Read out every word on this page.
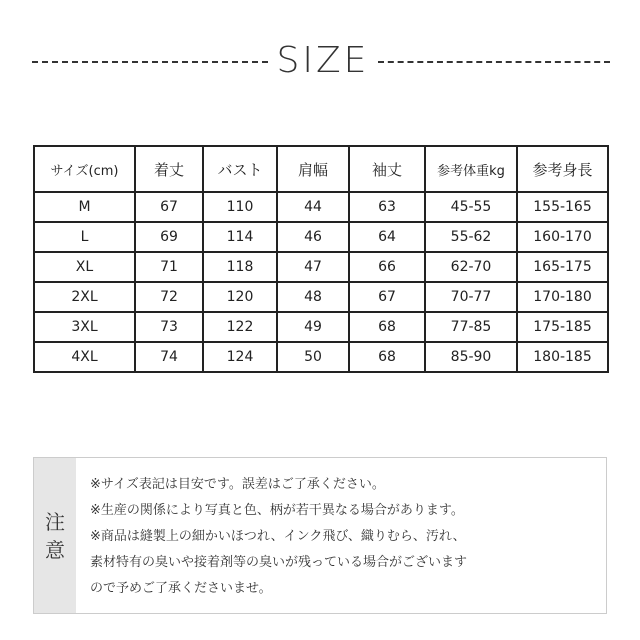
SIZE
サイズ(cm)	着丈	バスト	肩幅	袖丈	参考体重kg	参考身長
M	67	110	44	63	45-55	155-165
L	69	114	46	64	55-62	160-170
XL	71	118	47	66	62-70	165-175
2XL	72	120	48	67	70-77	170-180
3XL	73	122	49	68	77-85	175-185
4XL	74	124	50	68	85-90	180-185
注
意
※サイズ表記は目安です。誤差はご了承ください。
※生産の関係により写真と色、柄が若干異なる場合があります。
※商品は縫製上の細かいほつれ、インク飛び、織りむら、汚れ、
素材特有の臭いや接着剤等の臭いが残っている場合がございます
ので予めご了承くださいませ。
